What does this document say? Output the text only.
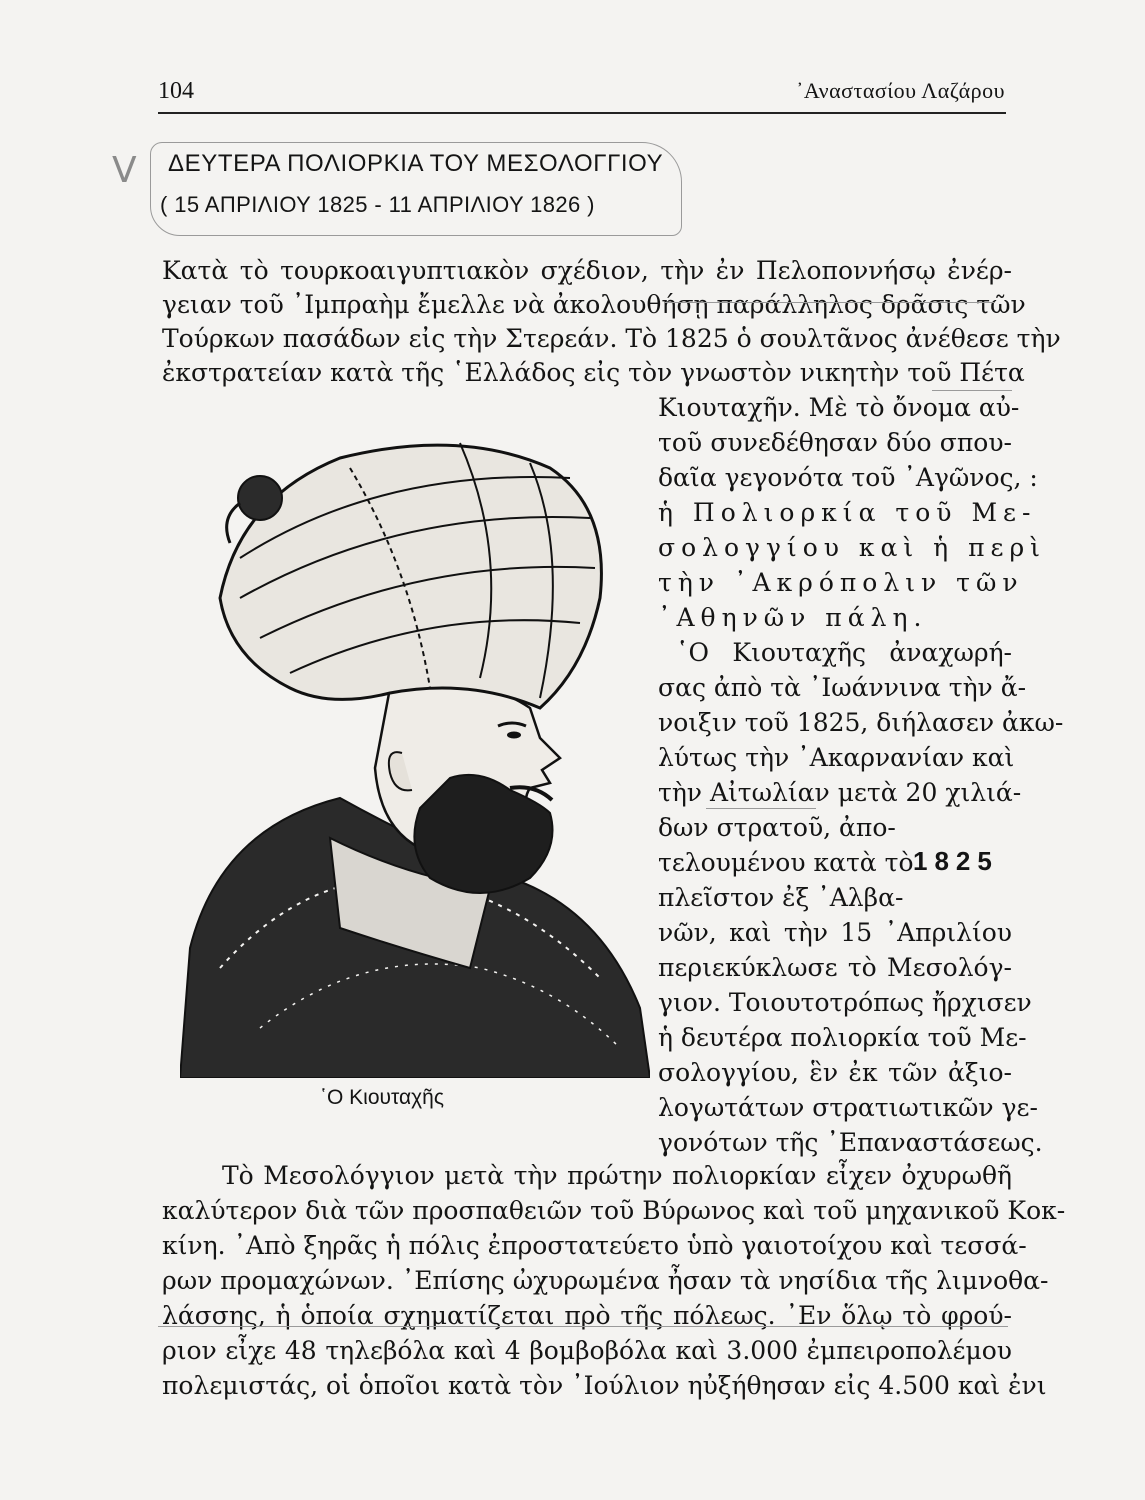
104	᾿Αναστασίου Λαζάρου
V ΔΕΥΤΕΡΑ ΠΟΛΙΟΡΚΙΑ ΤΟΥ ΜΕΣΟΛΟΓΓΙΟΥ
( 15 ΑΠΡΙΛΙΟΥ 1825 - 11 ΑΠΡΙΛΙΟΥ 1826 )
Κατὰ τὸ τουρκοαιγυπτιακὸν σχέδιον, τὴν ἐν Πελοποννήσῳ ἐνέρ-
γειαν τοῦ ᾿Ιμπραὴμ ἔμελλε νὰ ἀκολουθήσῃ παράλληλος δρᾶσις τῶν
Τούρκων πασάδων εἰς τὴν Στερεάν. Τὸ 1825 ὁ σουλτᾶνος ἀνέθεσε τὴν
ἐκστρατείαν κατὰ τῆς ῾Ελλάδος εἰς τὸν γνωστὸν νικητὴν τοῦ Πέτα
Κιουταχῆν. Μὲ τὸ ὄνομα αὐ-
τοῦ συνεδέθησαν δύο σπου-
δαῖα γεγονότα τοῦ ᾿Αγῶνος, :
ἡ Πολιορκία τοῦ Με-
σολογγίου καὶ ἡ περὶ
τὴν ᾿Ακρόπολιν τῶν
᾿Αθηνῶν πάλη.
῾Ο Κιουταχῆς ἀναχωρή-
σας ἀπὸ τὰ ᾿Ιωάννινα τὴν ἄ-
νοιξιν τοῦ 1825, διήλασεν ἀκω-
λύτως τὴν ᾿Ακαρνανίαν καὶ
τὴν Αἰτωλίαν μετὰ 20 χιλιά-
δων στρατοῦ, ἀπο-
τελουμένου κατὰ τὸ
πλεῖστον ἐξ ᾿Αλβα-
νῶν, καὶ τὴν 15 ᾿Απριλίου
περιεκύκλωσε τὸ Μεσολόγ-
γιον. Τοιουτοτρόπως ἤρχισεν
ἡ δευτέρα πολιορκία τοῦ Με-
σολογγίου, ἓν ἐκ τῶν ἀξιο-
λογωτάτων στρατιωτικῶν γε-
γονότων τῆς ᾿Επαναστάσεως.
1825
Τὸ Μεσολόγγιον μετὰ τὴν πρώτην πολιορκίαν εἶχεν ὀχυρωθῆ
καλύτερον διὰ τῶν προσπαθειῶν τοῦ Βύρωνος καὶ τοῦ μηχανικοῦ Κοκ-
κίνη. ᾿Απὸ ξηρᾶς ἡ πόλις ἐπροστατεύετο ὑπὸ γαιοτοίχου καὶ τεσσά-
ρων προμαχώνων. ᾿Επίσης ὠχυρωμένα ἦσαν τὰ νησίδια τῆς λιμνοθα-
λάσσης, ἡ ὁποία σχηματίζεται πρὸ τῆς πόλεως. ᾿Εν ὅλῳ τὸ φρού-
ριον εἶχε 48 τηλεβόλα καὶ 4 βομβοβόλα καὶ 3.000 ἐμπειροπολέμου
πολεμιστάς, οἱ ὁποῖοι κατὰ τὸν ᾿Ιούλιον ηὐξήθησαν εἰς 4.500 καὶ ἐνι
῾Ο Κιουταχῆς
